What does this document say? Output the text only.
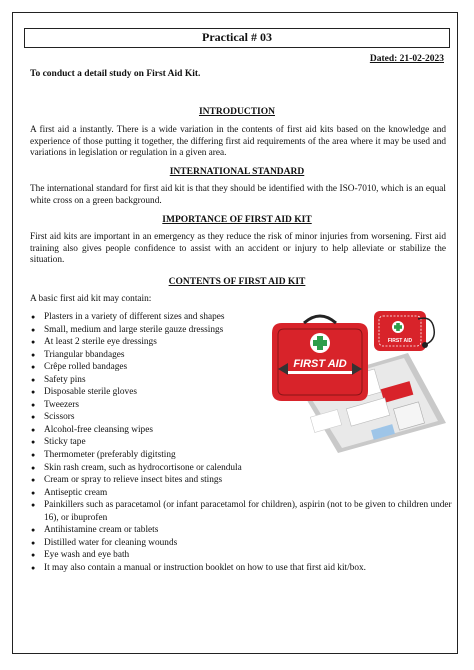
Practical # 03
Dated: 21-02-2023
To conduct a detail study on First Aid Kit.
INTRODUCTION

A first aid a instantly. There is a wide variation in the contents of first aid kits based on the knowledge and experience of those putting it together, the differing first aid requirements of the area where it may be used and variations in legislation or regulation in a given area.

INTERNATIONAL STANDARD

The international standard for first aid kit is that they should be identified with the ISO-7010, which is an equal white cross on a green background.

IMPORTANCE OF FIRST AID KIT

First aid kits are important in an emergency as they reduce the risk of minor injuries from worsening. First aid training also gives people confidence to assist with an accident or injury to help alleviate or stabilize the situation.

CONTENTS OF FIRST AID KIT

A basic first aid kit may contain:

● Plasters in a variety of different sizes and shapes
● Small, medium and large sterile gauze dressings
● At least 2 sterile eye dressings
● Triangular bbandages
● Crêpe rolled bandages
● Safety pins
● Disposable sterile gloves
● Tweezers
● Scissors
● Alcohol-free cleansing wipes
● Sticky tape
● Thermometer (preferably digitsting
● Skin rash cream, such as hydrocortisone or calendula
● Cream or spray to relieve insect bites and stings
● Antiseptic cream
● Painkillers such as paracetamol (or infant paracetamol for children), aspirin (not to be given to children under 16), or ibuprofen
● Antihistamine cream or tablets
● Distilled water for cleaning wounds
● Eye wash and eye bath
● It may also contain a manual or instruction booklet on how to use that first aid kit/box.
FIRST AID
FIRST AID
